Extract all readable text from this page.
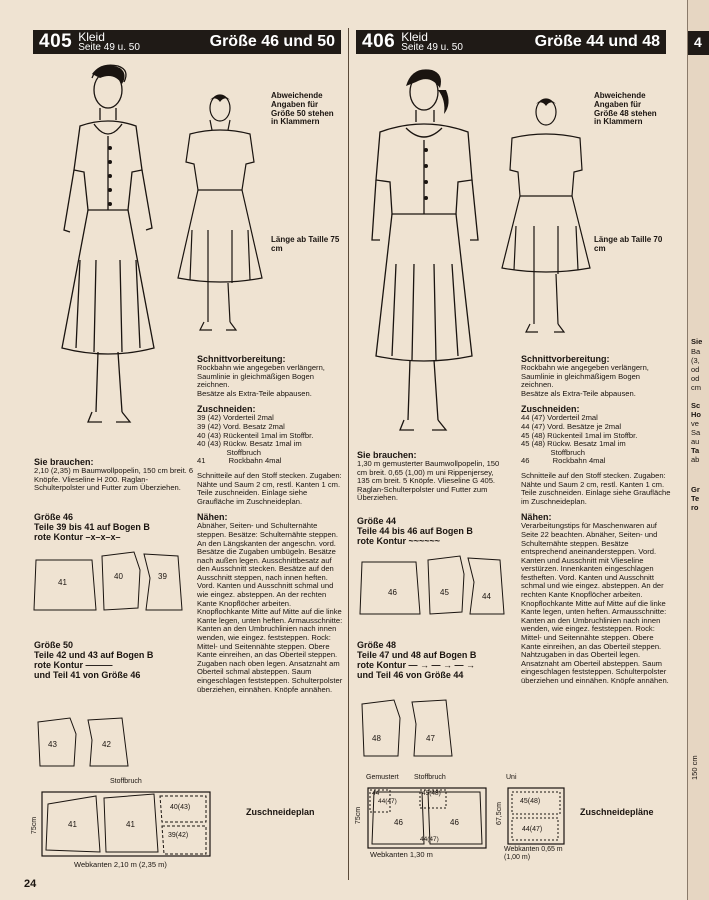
405 Kleid
Seite 49 u. 50	Größe 46 und 50
Abweichende Angaben für Größe 50 stehen in Klammern
Länge ab Taille 75 cm
Sie brauchen:
2,10 (2,35) m Baumwollpopelin, 150 cm breit. 6 Knöpfe. Vlieseline H 200. Raglan-Schulterpolster und Futter zum Überziehen.
Größe 46
Teile 39 bis 41 auf Bogen B
rote Kontur –x–x–x–
41
40	39
Größe 50
Teile 42 und 43 auf Bogen B
rote Kontur ———
und Teil 41 von Größe 46
43	42
Schnittvorbereitung:
Rockbahn wie angegeben verlängern, Saumlinie in gleichmäßigen Bogen zeichnen.
Besätze als Extra-Teile abpausen.
Zuschneiden:
39 (42) Vorderteil 2mal
39 (42) Vord. Besatz 2mal
40 (43) Rückenteil 1mal im Stoffbr.
40 (43) Rückw. Besatz 1mal im
Stoffbruch
41           Rockbahn 4mal
Schnitteile auf den Stoff stecken. Zugaben: Nähte und Saum 2 cm, restl. Kanten 1 cm. Teile zuschneiden. Einlage siehe Graufläche im Zuschneideplan.
Nähen:
Abnäher, Seiten- und Schulternähte steppen. Besätze: Schulternähte steppen. An den Längskanten der angeschn. vord. Besätze die Zugaben umbügeln. Besätze nach außen legen. Ausschnittbesatz auf den Ausschnitt stecken. Besätze auf den Ausschnitt steppen, nach innen heften. Vord. Kanten und Ausschnitt schmal und wie eingez. absteppen. An der rechten Kante Knopflöcher arbeiten. Knopflochkante Mitte auf Mitte auf die linke Kante legen, unten heften. Armausschnitte: Kanten an den Umbruchlinien nach innen wenden, wie eingez. feststeppen. Rock: Mittel- und Seitennähte steppen. Obere Kante einreihen, an das Oberteil steppen. Zugaben nach oben legen. Ansatznaht am Oberteil schmal absteppen. Saum eingeschlagen feststeppen. Schulterpolster überziehen, einnähen. Knöpfe annähen.
Stoffbruch
75cm	41	41
39(42)
40(43)
Webkanten 2,10 m (2,35 m)
Zuschneideplan
406 Kleid
Seite 49 u. 50	Größe 44 und 48
Abweichende Angaben für Größe 48 stehen in Klammern
Länge ab Taille 70 cm
Sie brauchen:
1,30 m gemusterter Baumwollpopelin, 150 cm breit. 0,65 (1,00) m uni Rippenjersey, 135 cm breit. 5 Knöpfe. Vlieseline G 405. Raglan-Schulterpolster und Futter zum Überziehen.
Größe 44
Teile 44 bis 46 auf Bogen B
rote Kontur ~~~~~~
46	45	44
Größe 48
Teile 47 und 48 auf Bogen B
rote Kontur — → — → — →
und Teil 46 von Größe 44
48	47
Schnittvorbereitung:
Rockbahn wie angegeben verlängern, Saumlinie in gleichmäßigem Bogen zeichnen.
Besätze als Extra-Teile abpausen.
Zuschneiden:
44 (47) Vorderteil 2mal
44 (47) Vord. Besätze je 2mal
45 (48) Rückenteil 1mal im Stoffbr.
45 (48) Rückw. Besatz 1mal im
Stoffbruch
46           Rockbahn 4mal
Schnitteile auf den Stoff stecken. Zugaben: Nähte und Saum 2 cm, restl. Kanten 1 cm. Teile zuschneiden. Einlage siehe Graufläche im Zuschneideplan.
Nähen:
Verarbeitungstips für Maschenwaren auf Seite 22 beachten. Abnäher, Seiten- und Schulternähte steppen. Besätze entsprechend aneinandersteppen. Vord. Kanten und Ausschnitt mit Vlieseline verstürzen. Innenkanten eingeschlagen festheften. Vord. Kanten und Ausschnitt schmal und wie eingez. absteppen. An der rechten Kante Knopflöcher arbeiten. Knopflochkante Mitte auf Mitte auf die linke Kante legen, unten heften. Armausschnitte: Kanten an den Umbruchlinien nach innen wenden, wie eingez. feststeppen. Rock: Mittel- und Seitennähte steppen. Obere Kante einreihen, an das Oberteil steppen. Nahtzugaben in das Oberteil legen. Ansatznaht am Oberteil absteppen. Saum eingeschlagen feststeppen. Schulterpolster überziehen und einnähen. Knöpfe annähen.
Gemustert Stoffbruch
75cm
44
44(47)
45(48)
46	46
44(47)
Webkanten 1,30 m
Uni
67,5cm
45(48)
44(47)
Webkanten 0,65 m (1,00 m)
Zuschneidepläne
24
4
Sie
Ba
(3,
od
od
cm
Sc
Ho
ve
Sa
au
Ta
ab
Gr
Te
ro
150 cm
